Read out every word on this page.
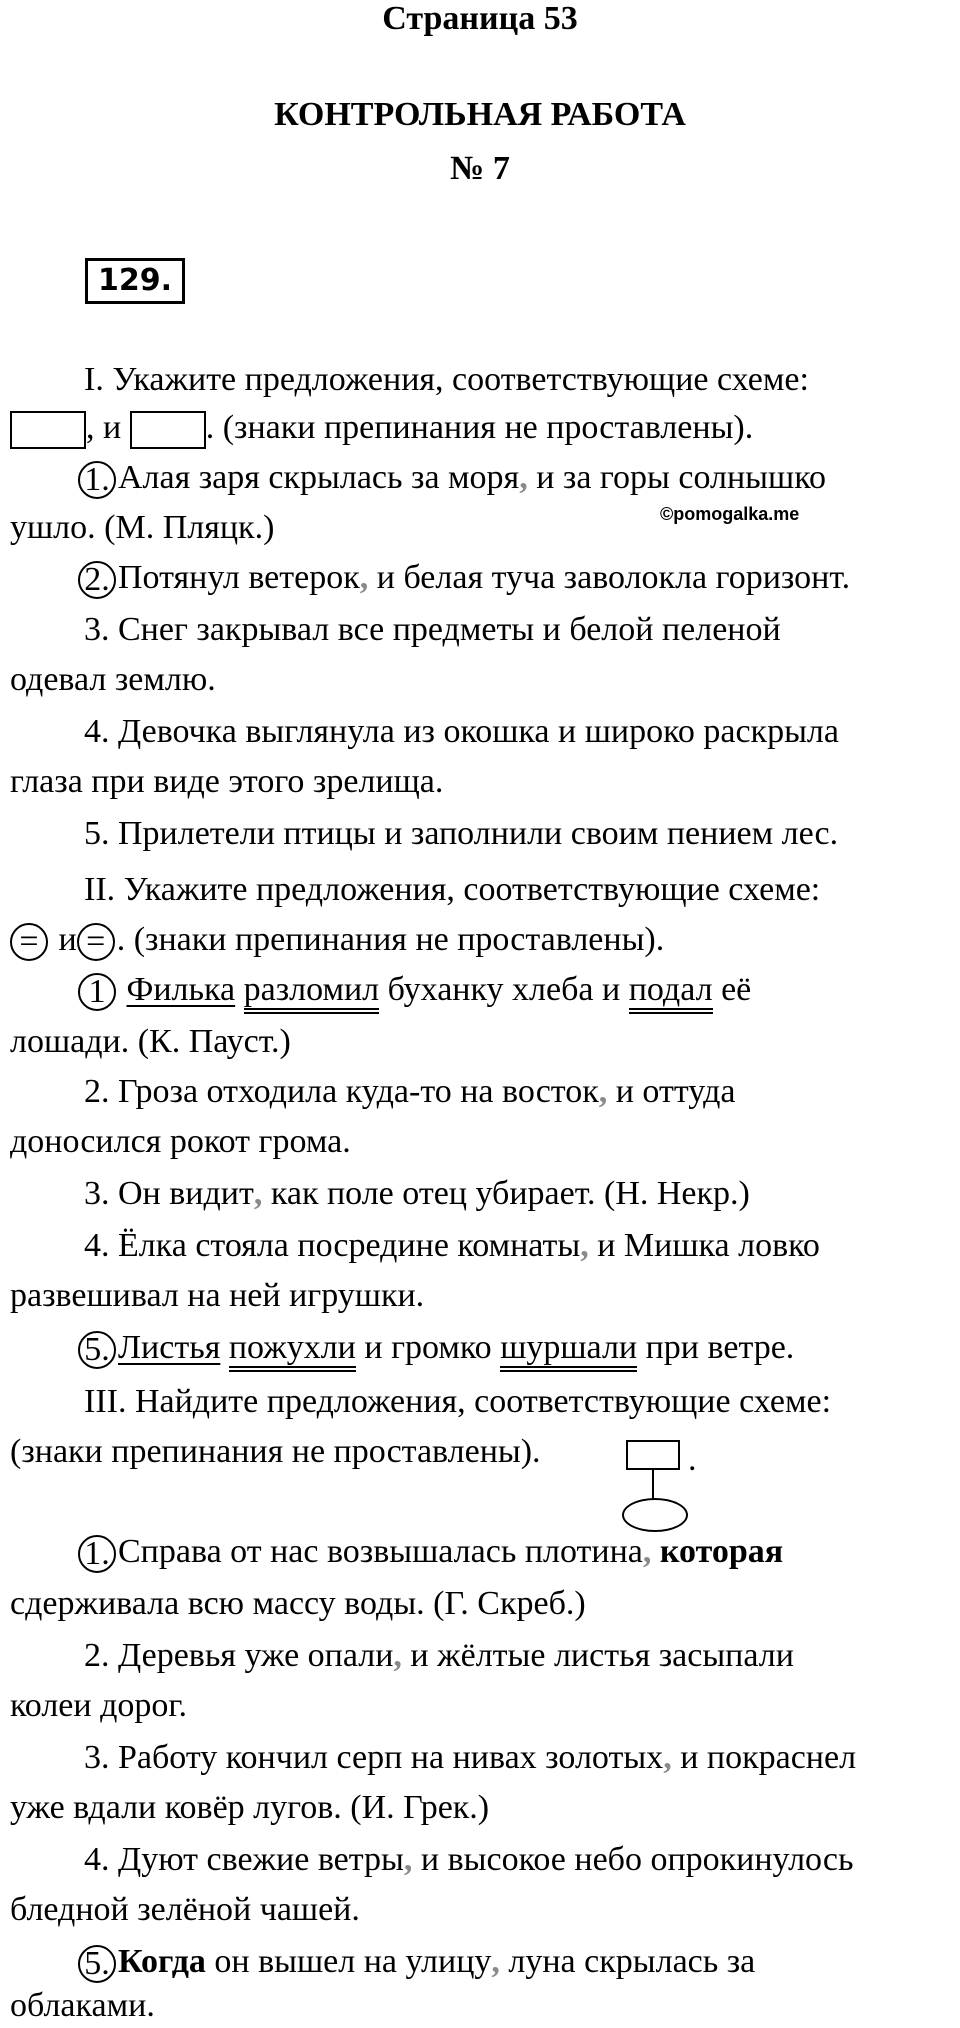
Страница 53
КОНТРОЛЬНАЯ РАБОТА
№ 7
129.

I. Укажите предложения, соответствующие схеме:

, и . (знаки препинания не проставлены).

1. Алая заря скрылась за моря, и за горы солнышко

ушло. (М. Пляцк.)	©pomogalka.me

2. Потянул ветерок, и белая туча заволокла горизонт.

3. Снег закрывал все предметы и белой пеленой

одевал землю.

4. Девочка выглянула из окошка и широко раскрыла

глаза при виде этого зрелища.

5. Прилетели птицы и заполнили своим пением лес.

II. Укажите предложения, соответствующие схеме:

= и = . (знаки препинания не проставлены).

1 Филька разломил буханку хлеба и подал её

лошади. (К. Пауст.)

2. Гроза отходила куда-то на восток, и оттуда

доносился рокот грома.

3. Он видит, как поле отец убирает. (Н. Некр.)

4. Ёлка стояла посредине комнаты, и Мишка ловко

развешивал на ней игрушки.

5. Листья пожухли и громко шуршали при ветре.

III. Найдите предложения, соответствующие схеме:

(знаки препинания не проставлены).	.

1. Справа от нас возвышалась плотина, которая

сдерживала всю массу воды. (Г. Скреб.)

2. Деревья уже опали, и жёлтые листья засыпали

колеи дорог.

3. Работу кончил серп на нивах золотых, и покраснел

уже вдали ковёр лугов. (И. Грек.)

4. Дуют свежие ветры, и высокое небо опрокинулось

бледной зелёной чашей.

5. Когда он вышел на улицу, луна скрылась за

облаками.
